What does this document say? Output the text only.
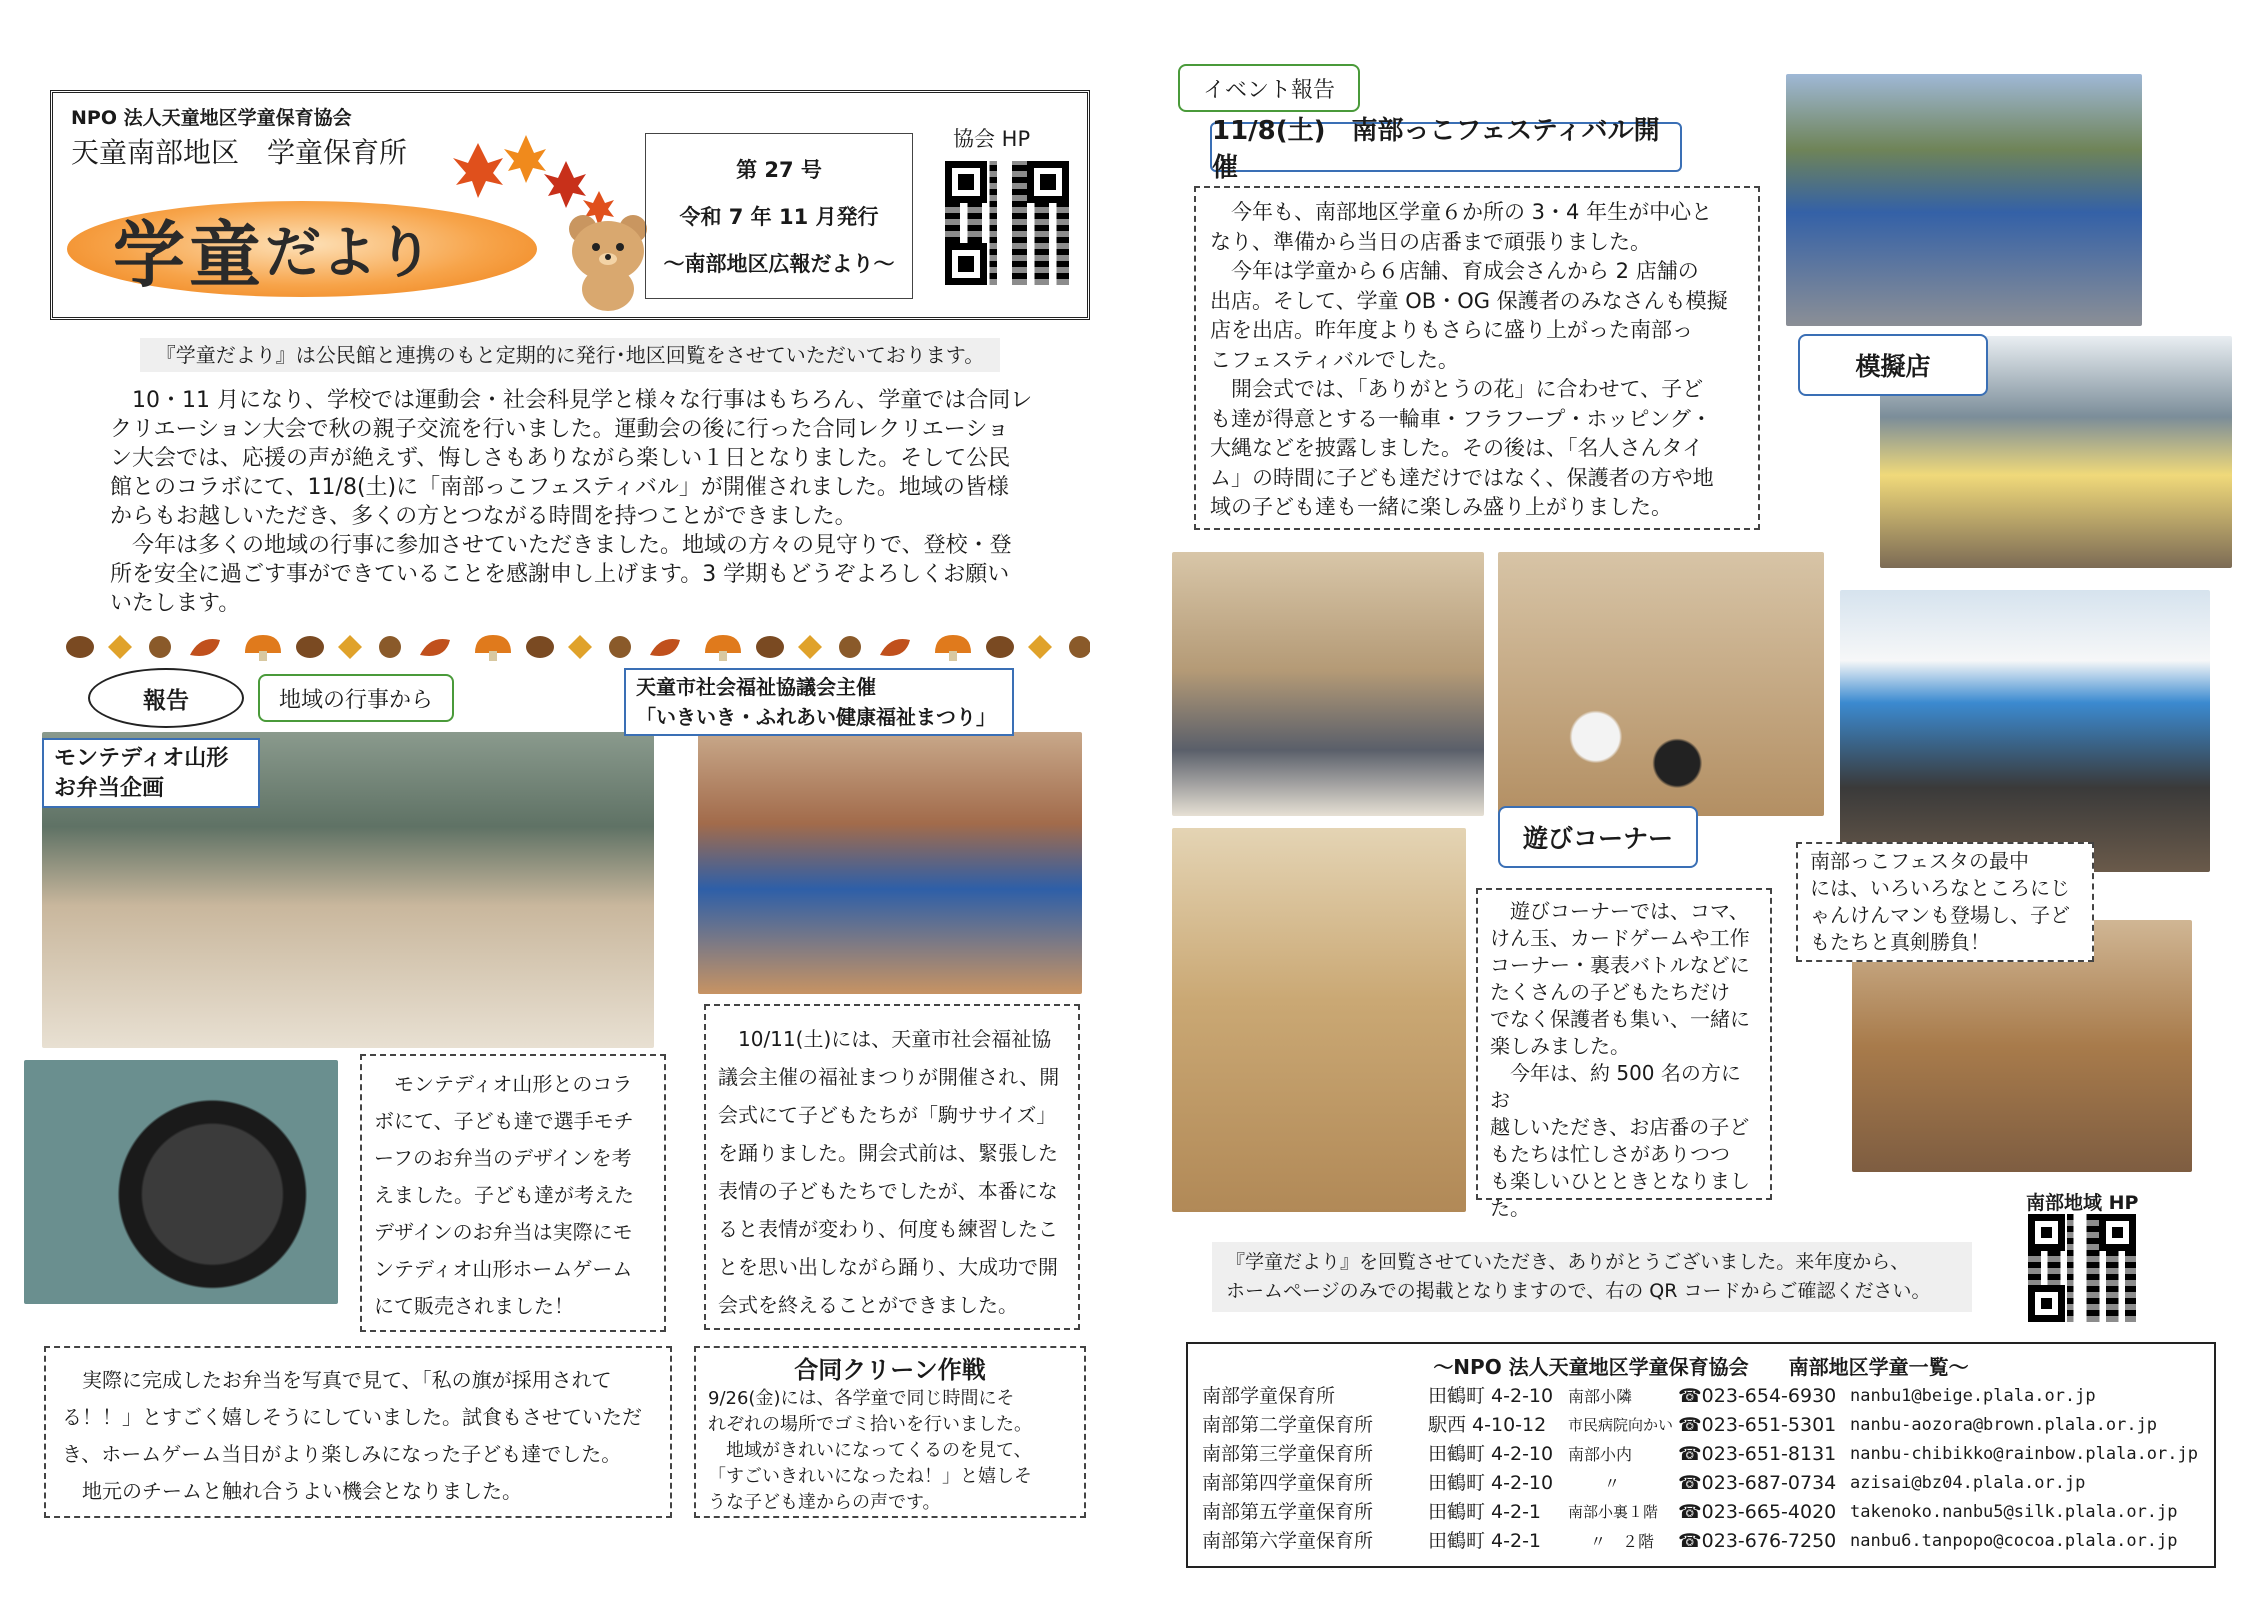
NPO 法人天童地区学童保育協会
天童南部地区　学童保育所
学童 だより
第 27 号
令和 7 年 11 月発行
～南部地区広報だより～
協会 HP
『学童だより』は公民館と連携のもと定期的に発行･地区回覧をさせていただいております。
　10・11 月になり、学校では運動会・社会科見学と様々な行事はもちろん、学童では合同レ
クリエーション大会で秋の親子交流を行いました。運動会の後に行った合同レクリエーショ
ン大会では、応援の声が絶えず、悔しさもありながら楽しい１日となりました。そして公民
館とのコラボにて、11/8(土)に「南部っこフェスティバル」が開催されました。地域の皆様
からもお越しいただき、多くの方とつながる時間を持つことができました。
　今年は多くの地域の行事に参加させていただきました。地域の方々の見守りで、登校・登
所を安全に過ごす事ができていることを感謝申し上げます。3 学期もどうぞよろしくお願い
いたします。
報告	地域の行事から
モンテディオ山形
お弁当企画
天童市社会福祉協議会主催
「いきいき・ふれあい健康福祉まつり」
　モンテディオ山形とのコラ
ボにて、子ども達で選手モチ
ーフのお弁当のデザインを考
えました。子ども達が考えた
デザインのお弁当は実際にモ
ンテディオ山形ホームゲーム
にて販売されました！
　10/11(土)には、天童市社会福祉協
議会主催の福祉まつりが開催され、開
会式にて子どもたちが「駒ササイズ」
を踊りました。開会式前は、緊張した
表情の子どもたちでしたが、本番にな
ると表情が変わり、何度も練習したこ
とを思い出しながら踊り、大成功で開
会式を終えることができました。
　実際に完成したお弁当を写真で見て、「私の旗が採用されて
る！！」とすごく嬉しそうにしていました。試食もさせていただ
き、ホームゲーム当日がより楽しみになった子ども達でした。
　地元のチームと触れ合うよい機会となりました。
合同クリーン作戦
9/26(金)には、各学童で同じ時間にそ
れぞれの場所でゴミ拾いを行いました。
　地域がきれいになってくるのを見て、
「すごいきれいになったね！」と嬉しそ
うな子ども達からの声です。
イベント報告
11/8(土)　南部っこフェスティバル開催
　今年も、南部地区学童６か所の 3・4 年生が中心と
なり、準備から当日の店番まで頑張りました。
　今年は学童から６店舗、育成会さんから 2 店舗の
出店。そして、学童 OB・OG 保護者のみなさんも模擬
店を出店。昨年度よりもさらに盛り上がった南部っ
こフェスティバルでした。
　開会式では、「ありがとうの花」に合わせて、子ど
も達が得意とする一輪車・フラフープ・ホッピング・
大縄などを披露しました。その後は、「名人さんタイ
ム」の時間に子ども達だけではなく、保護者の方や地
域の子ども達も一緒に楽しみ盛り上がりました。
模擬店
遊びコーナー
　遊びコーナーでは、コマ、
けん玉、カードゲームや工作
コーナー・裏表バトルなどに
たくさんの子どもたちだけ
でなく保護者も集い、一緒に
楽しみました。
　今年は、約 500 名の方にお
越しいただき、お店番の子ど
もたちは忙しさがありつつ
も楽しいひとときとなりまし
た。
南部っこフェスタの最中
には、いろいろなところにじ
ゃんけんマンも登場し、子ど
もたちと真剣勝負！
南部地域 HP
『学童だより』を回覧させていただき、ありがとうございました。来年度から、
ホームページのみでの掲載となりますので、右の QR コードからご確認ください。
～NPO 法人天童地区学童保育協会　　南部地区学童一覧～
南部学童保育所	田鶴町 4-2-10 南部小隣	☎023-654-6930 nanbu1@beige.plala.or.jp
南部第二学童保育所	駅西 4-10-12	市民病院向かい ☎023-651-5301 nanbu-aozora@brown.plala.or.jp
南部第三学童保育所	田鶴町 4-2-10 南部小内	☎023-651-8131 nanbu-chibikko@rainbow.plala.or.jp
南部第四学童保育所	田鶴町 4-2-10	〃	☎023-687-0734 azisai@bz04.plala.or.jp
南部第五学童保育所	田鶴町 4-2-1	南部小裏１階	☎023-665-4020 takenoko.nanbu5@silk.plala.or.jp
南部第六学童保育所	田鶴町 4-2-1	〃　２階	☎023-676-7250 nanbu6.tanpopo@cocoa.plala.or.jp
